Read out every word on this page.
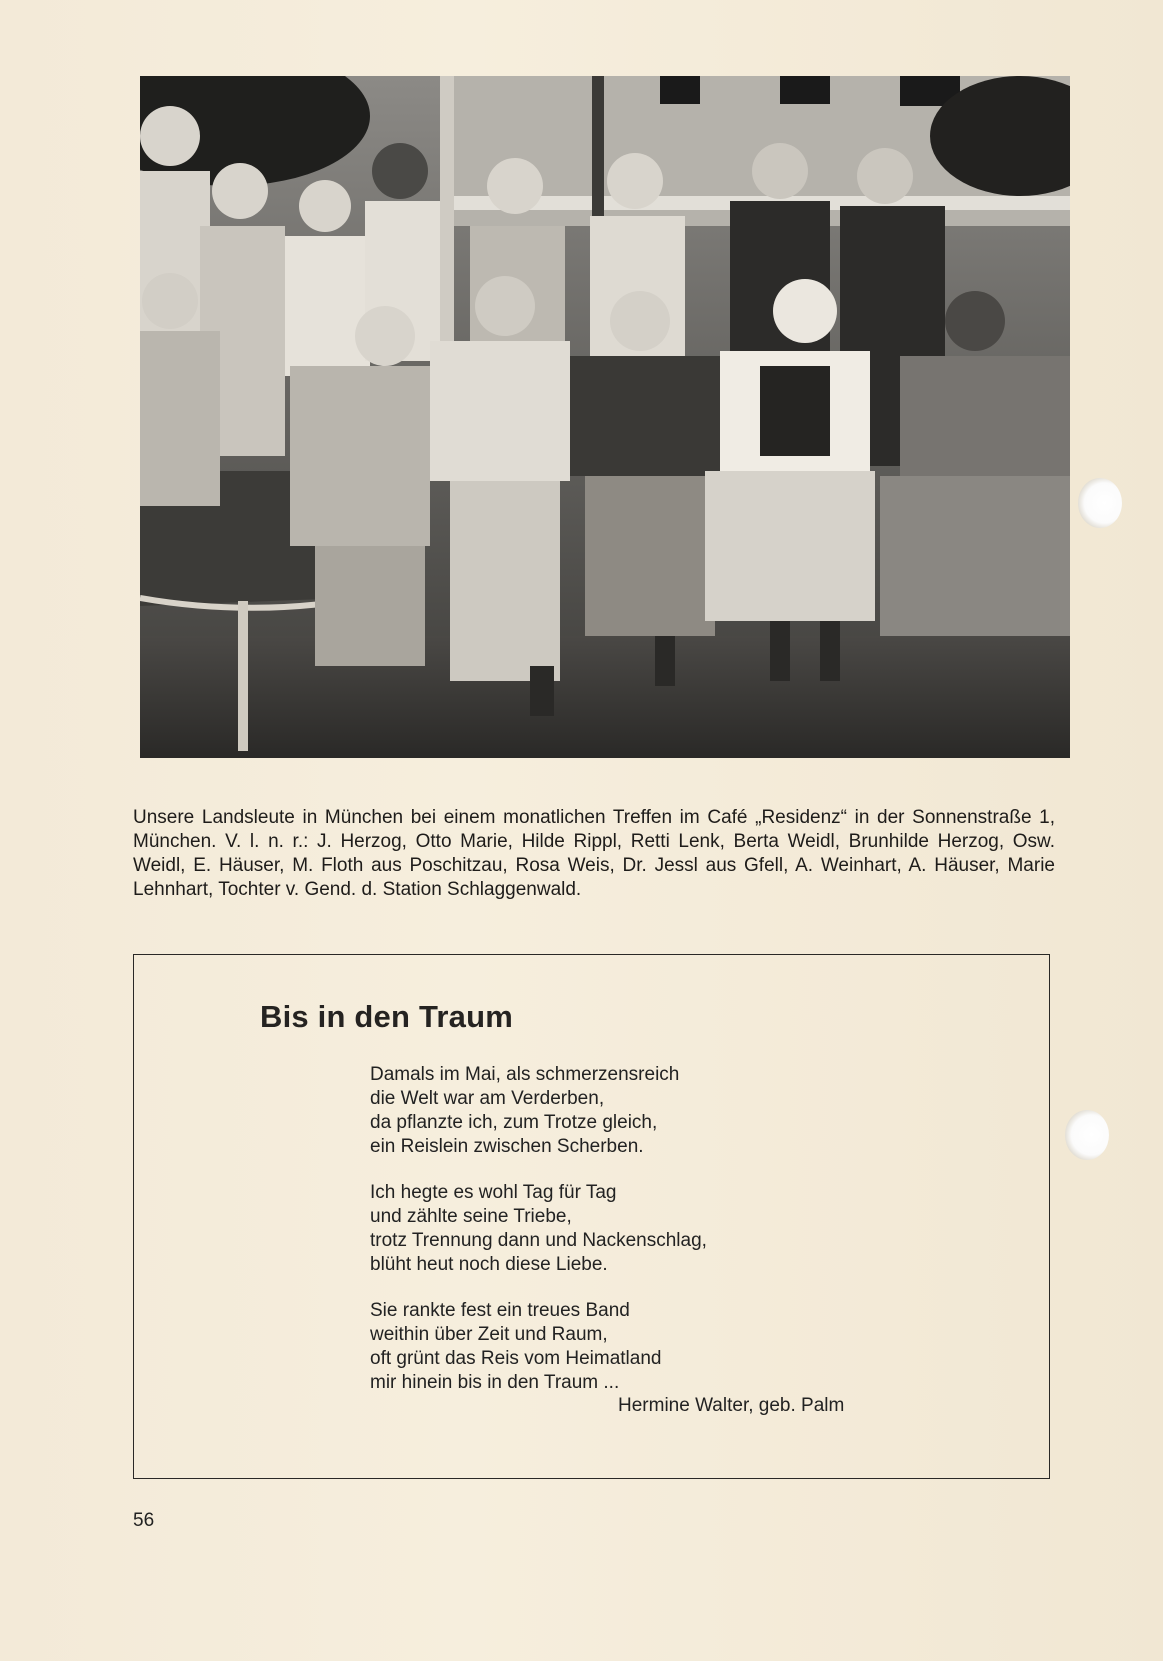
Unsere Landsleute in München bei einem monatlichen Treffen im Café „Residenz“ in der Sonnenstraße 1, München. V. l. n. r.: J. Herzog, Otto Marie, Hilde Rippl, Retti Lenk, Berta Weidl, Brunhilde Herzog, Osw. Weidl, E. Häuser, M. Floth aus Poschitzau, Rosa Weis, Dr. Jessl aus Gfell, A. Weinhart, A. Häuser, Marie Lehnhart, Tochter v. Gend. d. Station Schlaggenwald.
Bis in den Traum
Damals im Mai, als schmerzensreich
die Welt war am Verderben,
da pflanzte ich, zum Trotze gleich,
ein Reislein zwischen Scherben.
Ich hegte es wohl Tag für Tag
und zählte seine Triebe,
trotz Trennung dann und Nackenschlag,
blüht heut noch diese Liebe.
Sie rankte fest ein treues Band
weithin über Zeit und Raum,
oft grünt das Reis vom Heimatland
mir hinein bis in den Traum ...
Hermine Walter, geb. Palm
56
